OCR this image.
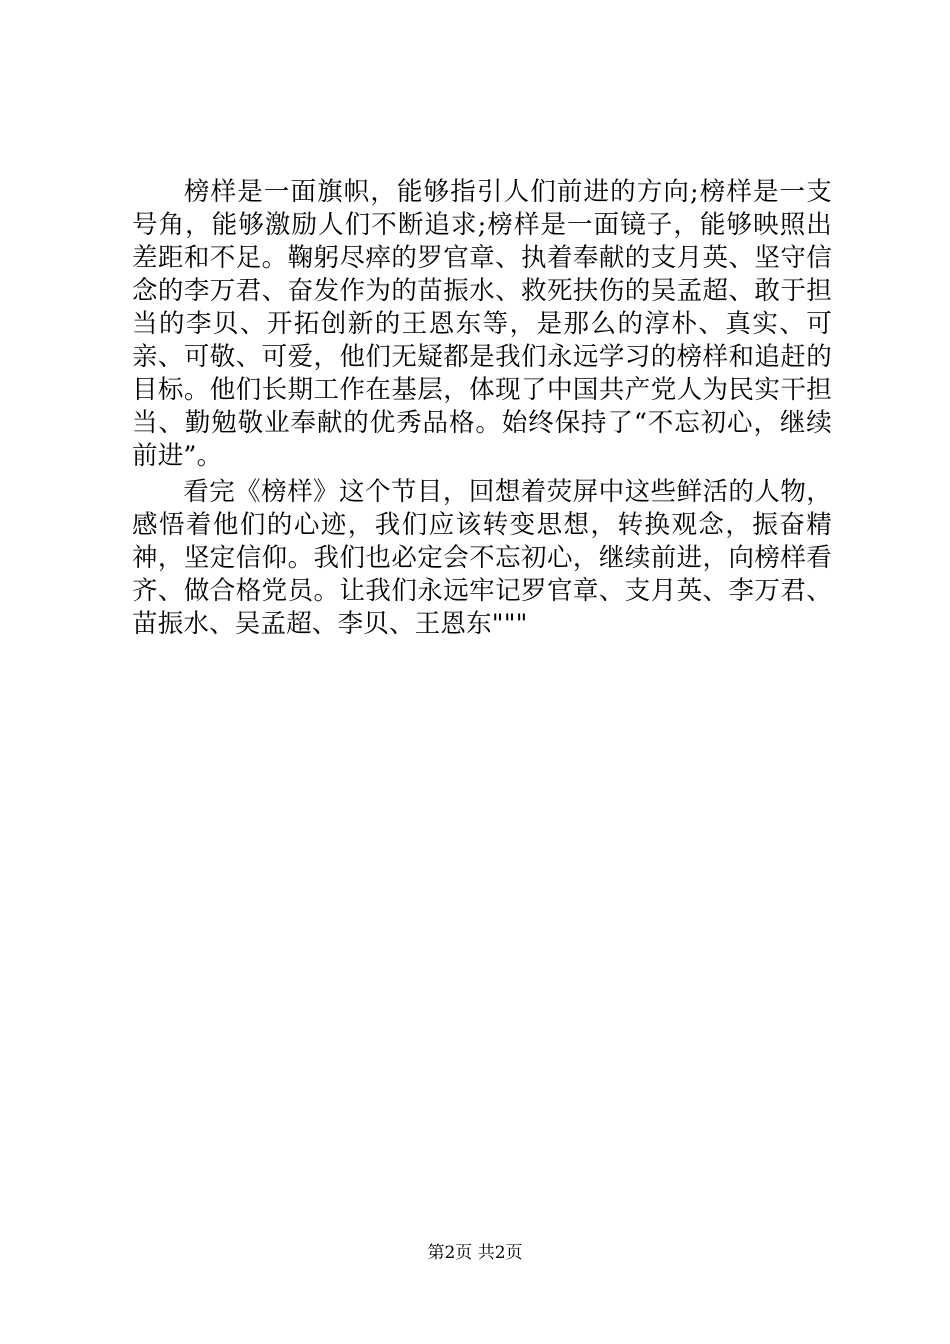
榜样是一面旗帜，能够指引人们前进的方向;榜样是一支号角，能够激励人们不断追求;榜样是一面镜子，能够映照出差距和不足。鞠躬尽瘁的罗官章、执着奉献的支月英、坚守信念的李万君、奋发作为的苗振水、救死扶伤的吴孟超、敢于担当的李贝、开拓创新的王恩东等，是那么的淳朴、真实、可亲、可敬、可爱，他们无疑都是我们永远学习的榜样和追赶的目标。他们长期工作在基层，体现了中国共产党人为民实干担当、勤勉敬业奉献的优秀品格。始终保持了“不忘初心，继续前进”。

看完《榜样》这个节目，回想着荧屏中这些鲜活的人物，感悟着他们的心迹，我们应该转变思想，转换观念，振奋精神，坚定信仰。我们也必定会不忘初心，继续前进，向榜样看齐、做合格党员。让我们永远牢记罗官章、支月英、李万君、苗振水、吴孟超、李贝、王恩东"""

第2页 共2页
